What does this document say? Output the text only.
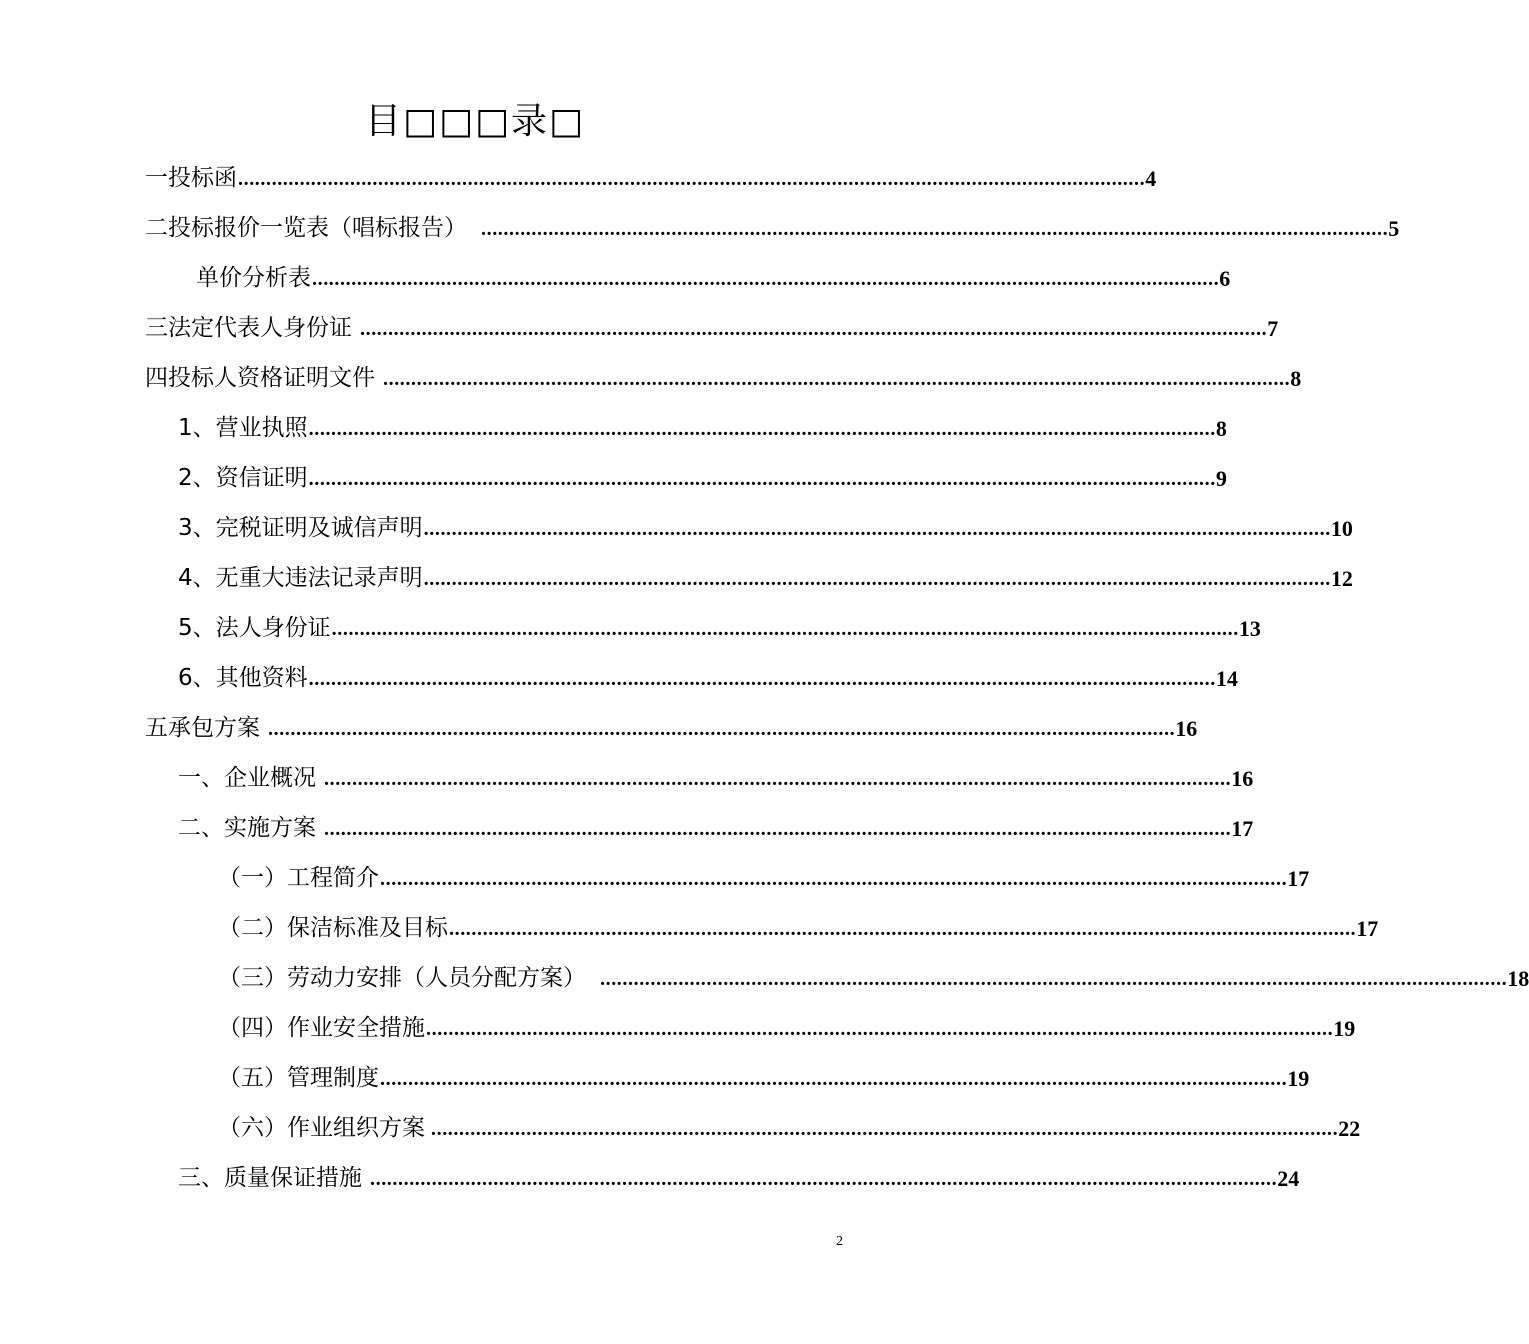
目□□□录□
一 投标函 .................................................................................................................................................................. 4
二 投标报价一览表（唱标报告） .................................................................................................................................................................. 5
单价分析表 .................................................................................................................................................................. 6
三 法定代表人身份证 .................................................................................................................................................................. 7
四 投标人资格证明文件 .................................................................................................................................................................. 8
1、 营业执照 .................................................................................................................................................................. 8
2、 资信证明 .................................................................................................................................................................. 9
3、 完税证明及诚信声明 .................................................................................................................................................................. 10
4、 无重大违法记录声明 .................................................................................................................................................................. 12
5、 法人身份证 .................................................................................................................................................................. 13
6、 其他资料 .................................................................................................................................................................. 14
五 承包方案 .................................................................................................................................................................. 16
一、 企业概况 .................................................................................................................................................................. 16
二、 实施方案 .................................................................................................................................................................. 17
（一） 工程简介 .................................................................................................................................................................. 17
（二） 保洁标准及目标 .................................................................................................................................................................. 17
（三） 劳动力安排（人员分配方案） .................................................................................................................................................................. 18
（四） 作业安全措施 .................................................................................................................................................................. 19
（五） 管理制度 .................................................................................................................................................................. 19
（六） 作业组织方案 .................................................................................................................................................................. 22
三、 质量保证措施 .................................................................................................................................................................. 24
2
